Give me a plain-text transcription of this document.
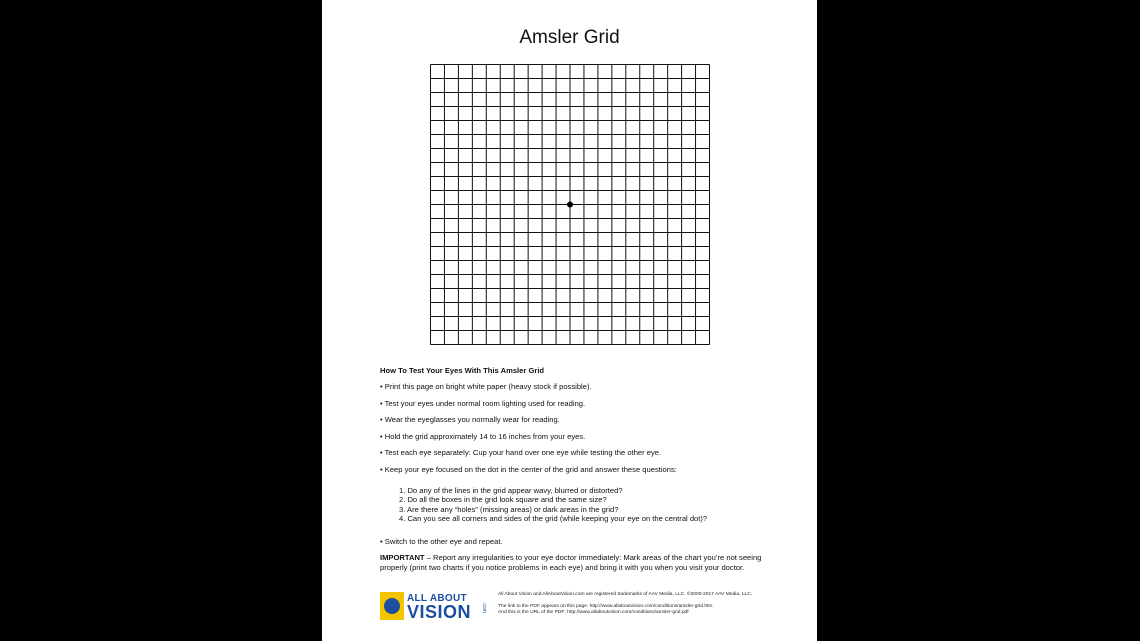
Amsler Grid
How To Test Your Eyes With This Amsler Grid
• Print this page on bright white paper (heavy stock if possible).
• Test your eyes under normal room lighting used for reading.
• Wear the eyeglasses you normally wear for reading.
• Hold the grid approximately 14 to 16 inches from your eyes.
• Test each eye separately: Cup your hand over one eye while testing the other eye.
• Keep your eye focused on the dot in the center of the grid and answer these questions:
1. Do any of the lines in the grid appear wavy, blurred or distorted?
2. Do all the boxes in the grid look square and the same size?
3. Are there any “holes” (missing areas) or dark areas in the grid?
4. Can you see all corners and sides of the grid (while keeping your eye on the central dot)?
• Switch to the other eye and repeat.
IMPORTANT – Report any irregularities to your eye doctor immediately: Mark areas of the chart you’re not seeing properly (print two charts if you notice problems in each eye) and bring it with you when you visit your doctor.
ALL ABOUT
VISION .com
All About Vision and AllAboutVision.com are registered trademarks of AAV Media, LLC. ©2000-2017 AAV Media, LLC.
The link to the PDF appears on this page: http://www.allaboutvision.com/conditions/amsler-grid.htm
And this is the URL of the PDF: http://www.allaboutvision.com/conditions/amsler-grid.pdf
